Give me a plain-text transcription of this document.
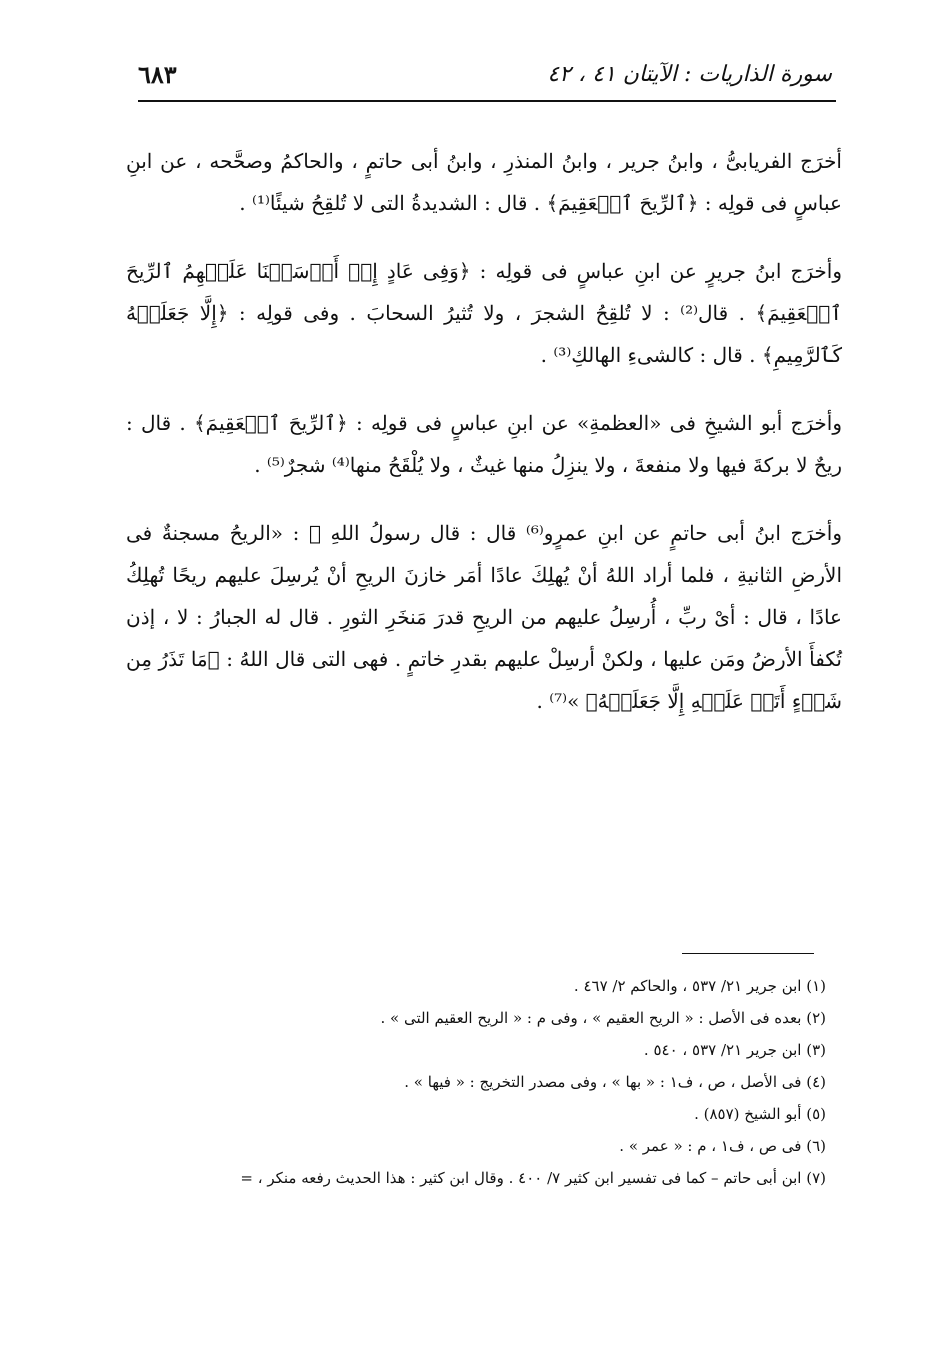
سورة الذاريات : الآيتان ٤١ ، ٤٢
٦٨٣

أخرَج الفريابىُّ ، وابنُ جرير ، وابنُ المنذرِ ، وابنُ أبى حاتمٍ ، والحاكمُ وصحَّحه ، عن ابنِ عباسٍ فى قولِه : ﴿ٱلرِّيحَ ٱلۡعَقِيمَ﴾ . قال : الشديدةُ التى لا تُلقِحُ شيئًا⁽¹⁾ .

وأخرَج ابنُ جريرٍ عن ابنِ عباسٍ فى قولِه : ﴿وَفِى عَادٍ إِذۡ أَرۡسَلۡنَا عَلَيۡهِمُ ٱلرِّيحَ ٱلۡعَقِيمَ﴾ . قال⁽²⁾ : لا تُلقِحُ الشجرَ ، ولا تُثيرُ السحابَ . وفى قولِه : ﴿إِلَّا جَعَلَتۡهُ كَٱلرَّمِيمِ﴾ . قال : كالشىءِ الهالكِ⁽³⁾ .

وأخرَج أبو الشيخِ فى «العظمةِ» عن ابنِ عباسٍ فى قولِه : ﴿ٱلرِّيحَ ٱلۡعَقِيمَ﴾ . قال : ريحٌ لا بركةَ فيها ولا منفعةَ ، ولا ينزِلُ منها غيثٌ ، ولا يُلْقَحُ منها⁽⁴⁾ شجرٌ⁽⁵⁾ .

وأخرَج ابنُ أبى حاتمٍ عن ابنِ عمرٍو⁽⁶⁾ قال : قال رسولُ اللهِ ﷺ : «الريحُ مسجنةٌ فى الأرضِ الثانيةِ ، فلما أراد اللهُ أنْ يُهلِكَ عادًا أمَر خازنَ الريحِ أنْ يُرسِلَ عليهم ريحًا تُهلِكُ عادًا ، قال : أىْ ربِّ ، أُرسِلُ عليهم من الريحِ قدرَ مَنخَرِ الثورِ . قال له الجبارُ : لا ، إذن تُكفأَ الأرضُ ومَن عليها ، ولكنْ أرسِلْ عليهم بقدرِ خاتمٍ . فهى التى قال اللهُ : ﴿مَا تَذَرُ مِن شَىۡءٍ أَتَتۡ عَلَيۡهِ إِلَّا جَعَلَتۡهُ﴾ »⁽⁷⁾ .

(١) ابن جرير ٢١/ ٥٣٧ ، والحاكم ٢/ ٤٦٧ .
(٢) بعده فى الأصل : « الريح العقيم » ، وفى م : « الريح العقيم التى » .
(٣) ابن جرير ٢١/ ٥٣٧ ، ٥٤٠ .
(٤) فى الأصل ، ص ، ف١ : « بها » ، وفى مصدر التخريج : « فيها » .
(٥) أبو الشيخ (٨٥٧) .
(٦) فى ص ، ف١ ، م : « عمر » .
(٧) ابن أبى حاتم – كما فى تفسير ابن كثير ٧/ ٤٠٠ . وقال ابن كثير : هذا الحديث رفعه منكر ، =
